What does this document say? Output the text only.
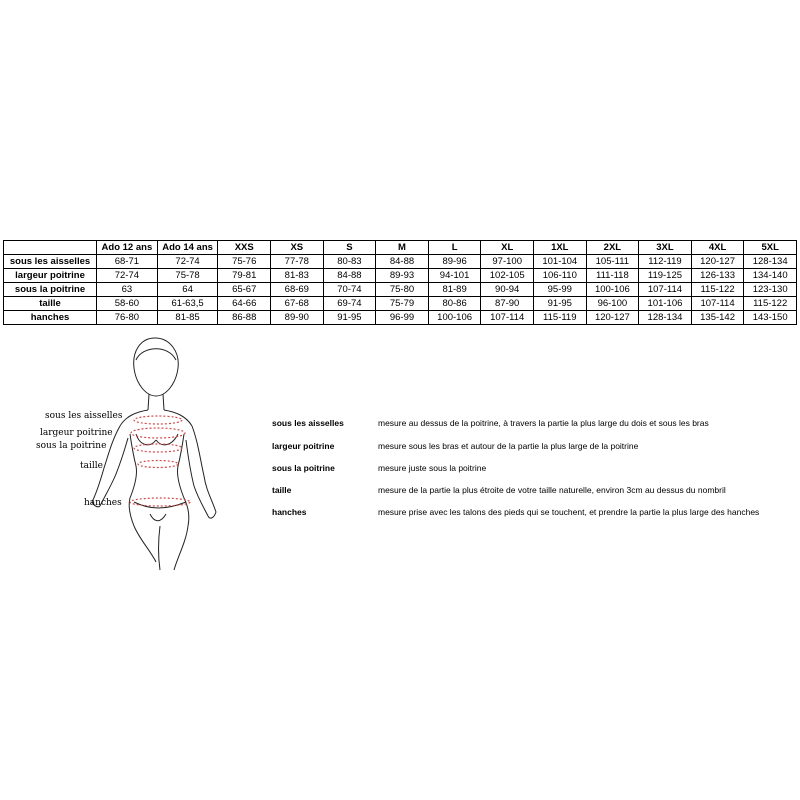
	Ado 12 ans	Ado 14 ans	XXS	XS	S	M	L	XL	1XL	2XL	3XL	4XL	5XL
sous les aisselles	68-71	72-74	75-76	77-78	80-83	84-88	89-96	97-100	101-104	105-111	112-119	120-127	128-134
largeur poitrine	72-74	75-78	79-81	81-83	84-88	89-93	94-101	102-105	106-110	111-118	119-125	126-133	134-140
sous la poitrine	63	64	65-67	68-69	70-74	75-80	81-89	90-94	95-99	100-106	107-114	115-122	123-130
taille	58-60	61-63,5	64-66	67-68	69-74	75-79	80-86	87-90	91-95	96-100	101-106	107-114	115-122
hanches	76-80	81-85	86-88	89-90	91-95	96-99	100-106	107-114	115-119	120-127	128-134	135-142	143-150
sous les aisselles
largeur poitrine
sous la poitrine
taille
hanches
sous les aisselles	mesure au dessus de la poitrine, à travers la partie la plus large du dois et sous les bras
largeur poitrine	mesure sous les bras et autour de la partie la plus large de la poitrine
sous la poitrine	mesure juste sous la poitrine
taille	mesure de la partie la plus étroite de votre taille naturelle, environ 3cm au dessus du nombril
hanches	mesure prise avec les talons des pieds qui se touchent, et prendre la partie la plus large des hanches
